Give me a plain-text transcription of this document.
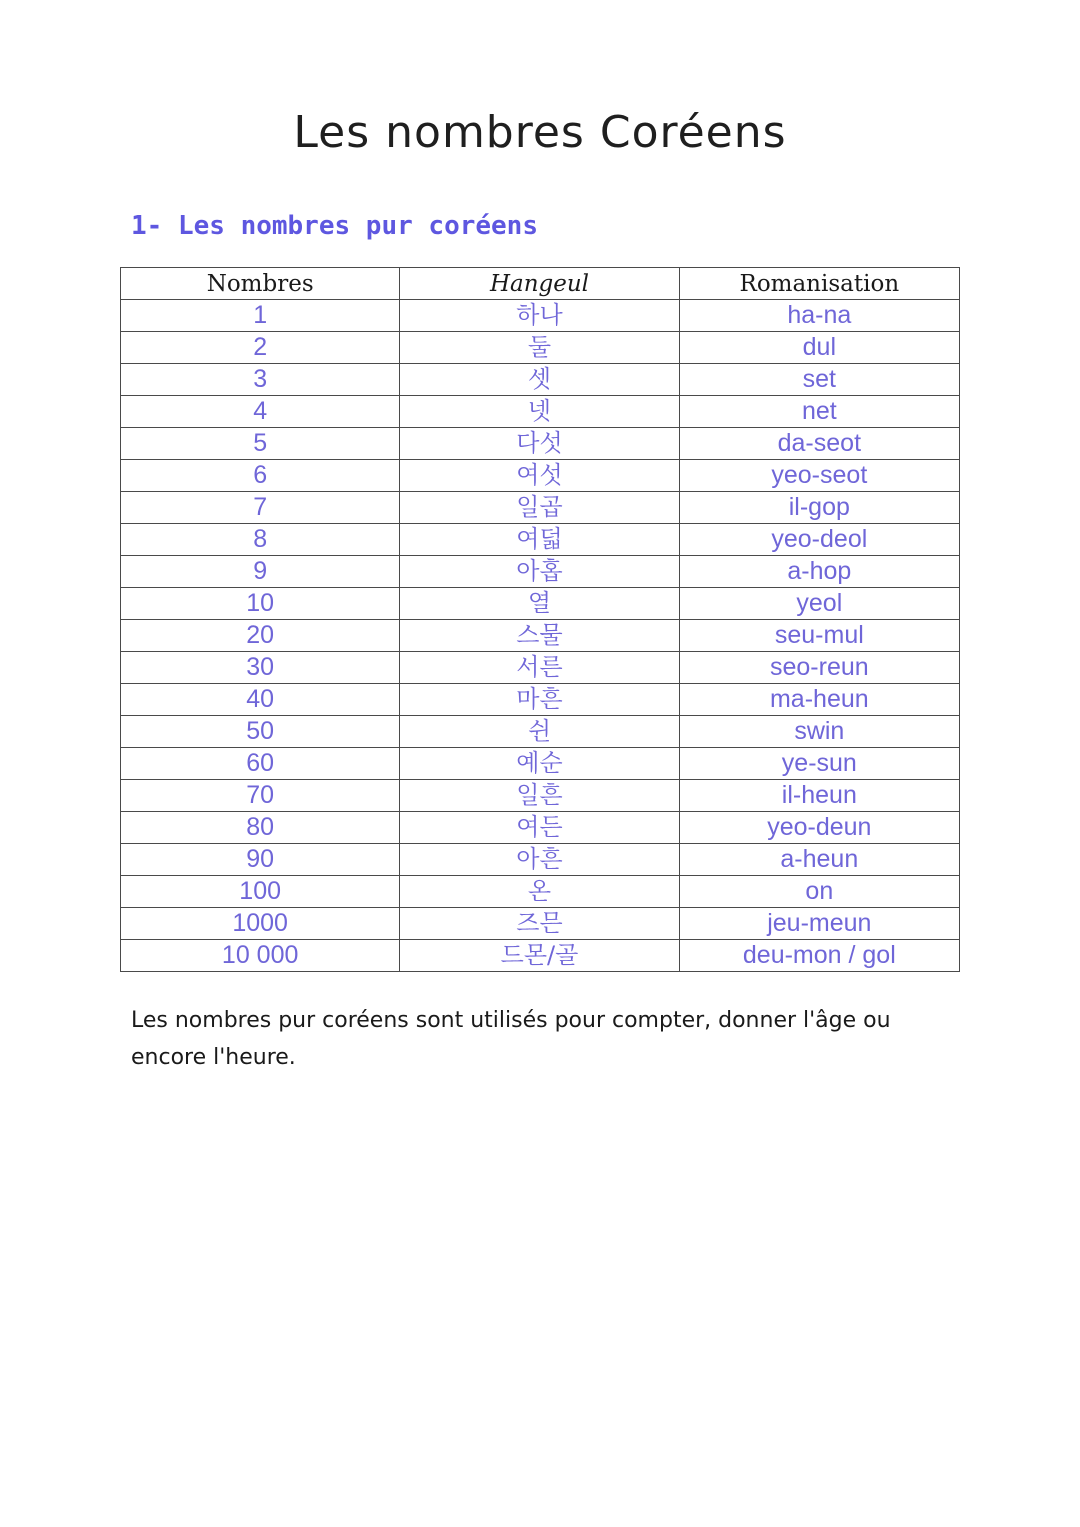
Les nombres Coréens
1- Les nombres pur coréens
Nombres	Hangeul	Romanisation
1	하나	ha-na
2	둘	dul
3	셋	set
4	넷	net
5	다섯	da-seot
6	여섯	yeo-seot
7	일곱	il-gop
8	여덟	yeo-deol
9	아홉	a-hop
10	열	yeol
20	스물	seu-mul
30	서른	seo-reun
40	마흔	ma-heun
50	쉰	swin
60	예순	ye-sun
70	일흔	il-heun
80	여든	yeo-deun
90	아흔	a-heun
100	온	on
1000	즈믄	jeu-meun
10 000	드몬/골	deu-mon / gol

Les nombres pur coréens sont utilisés pour compter, donner l'âge ou encore l'heure.
